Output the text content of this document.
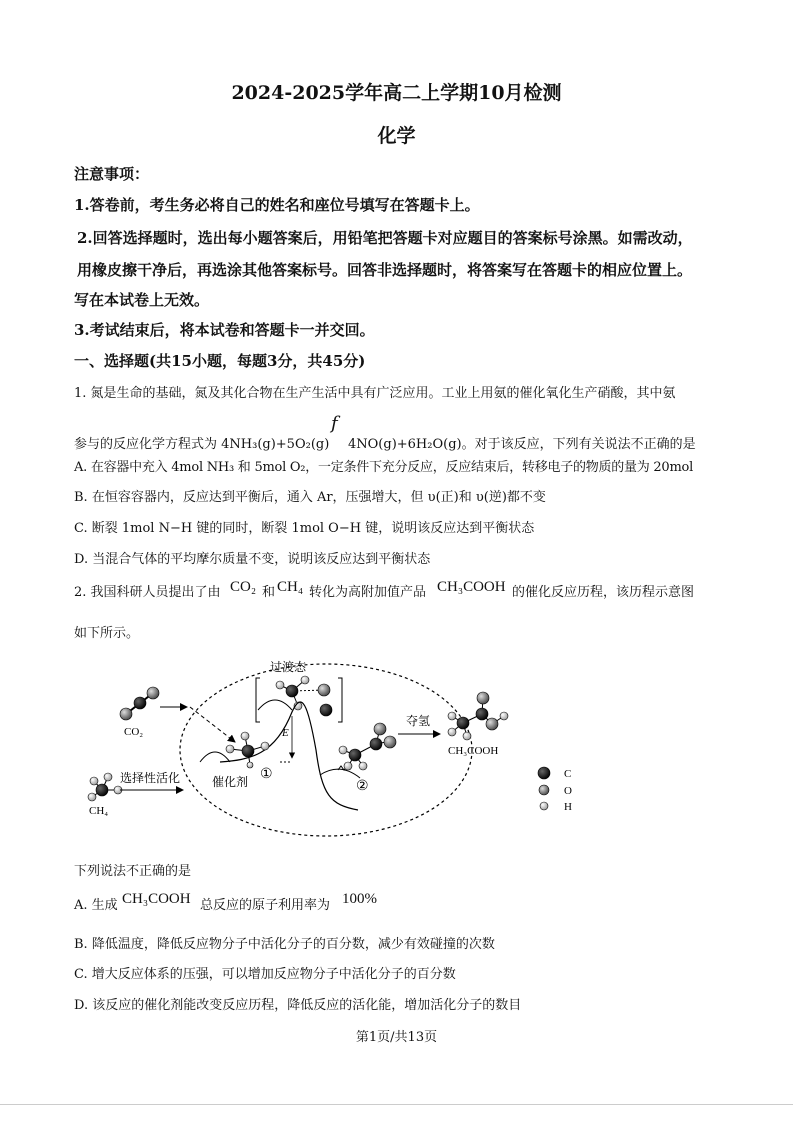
2024-2025学年高二上学期10月检测
化学
注意事项：
1.答卷前，考生务必将自己的姓名和座位号填写在答题卡上。
2.回答选择题时，选出每小题答案后，用铅笔把答题卡对应题目的答案标号涂黑。如需改动，
用橡皮擦干净后，再选涂其他答案标号。回答非选择题时，将答案写在答题卡的相应位置上。
写在本试卷上无效。
3.考试结束后，将本试卷和答题卡一并交回。
一、选择题(共15小题，每题3分，共45分)
1. 氮是生命的基础，氮及其化合物在生产生活中具有广泛应用。工业上用氨的催化氧化生产硝酸，其中氨
f
参与的反应化学方程式为 4NH₃(g)+5O₂(g) 4NO(g)+6H₂O(g)。对于该反应，下列有关说法不正确的是
A. 在容器中充入 4mol NH₃ 和 5mol O₂，一定条件下充分反应，反应结束后，转移电子的物质的量为 20mol
B. 在恒容容器内，反应达到平衡后，通入 Ar，压强增大，但 υ(正)和 υ(逆)都不变
C. 断裂 1mol N−H 键的同时，断裂 1mol O−H 键，说明该反应达到平衡状态
D. 当混合气体的平均摩尔质量不变，说明该反应达到平衡状态
2. 我国科研人员提出了由 CO₂ 和 CH₄ 转化为高附加值产品 CH₃COOH 的催化反应历程，该历程示意图
如下所示。
CO₂
CH₄
选择性活化
过渡态
E
催化剂 ①
②
夺氢
CH₃COOH
C
O
H
下列说法不正确的是
A. 生成 CH₃COOH 总反应的原子利用率为 100%
B. 降低温度，降低反应物分子中活化分子的百分数，减少有效碰撞的次数
C. 增大反应体系的压强，可以增加反应物分子中活化分子的百分数
D. 该反应的催化剂能改变反应历程，降低反应的活化能，增加活化分子的数目
第1页/共13页
